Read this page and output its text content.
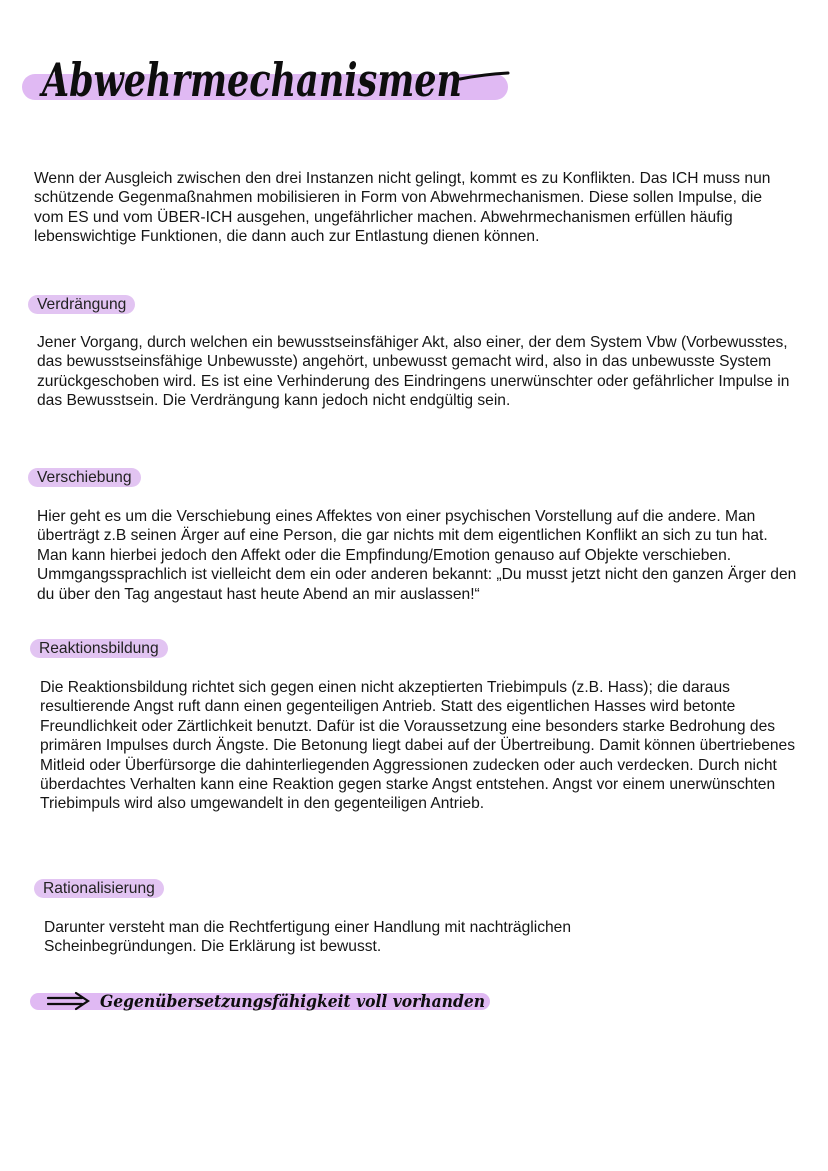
Abwehrmechanismen

Wenn der Ausgleich zwischen den drei Instanzen nicht gelingt, kommt es zu Konflikten. Das ICH muss nun schützende Gegenmaßnahmen mobilisieren in Form von Abwehrmechanismen. Diese sollen Impulse, die vom ES und vom ÜBER-ICH ausgehen, ungefährlicher machen. Abwehrmechanismen erfüllen häufig lebenswichtige Funktionen, die dann auch zur Entlastung dienen können.

Verdrängung

Jener Vorgang, durch welchen ein bewusstseinsfähiger Akt, also einer, der dem System Vbw (Vorbewusstes, das bewusstseinsfähige Unbewusste) angehört, unbewusst gemacht wird, also in das unbewusste System zurückgeschoben wird. Es ist eine Verhinderung des Eindringens unerwünschter oder gefährlicher Impulse in das Bewusstsein. Die Verdrängung kann jedoch nicht endgültig sein.

Verschiebung

Hier geht es um die Verschiebung eines Affektes von einer psychischen Vorstellung auf die andere. Man überträgt z.B seinen Ärger auf eine Person, die gar nichts mit dem eigentlichen Konflikt an sich zu tun hat. Man kann hierbei jedoch den Affekt oder die Empfindung/Emotion genauso auf Objekte verschieben. Ummgangssprachlich ist vielleicht dem ein oder anderen bekannt: „Du musst jetzt nicht den ganzen Ärger den du über den Tag angestaut hast heute Abend an mir auslassen!“

Reaktionsbildung

Die Reaktionsbildung richtet sich gegen einen nicht akzeptierten Triebimpuls (z.B. Hass); die daraus resultierende Angst ruft dann einen gegenteiligen Antrieb. Statt des eigentlichen Hasses wird betonte Freundlichkeit oder Zärtlichkeit benutzt. Dafür ist die Voraussetzung eine besonders starke Bedrohung des primären Impulses durch Ängste. Die Betonung liegt dabei auf der Übertreibung. Damit können übertriebenes Mitleid oder Überfürsorge die dahinterliegenden Aggressionen zudecken oder auch verdecken. Durch nicht überdachtes Verhalten kann eine Reaktion gegen starke Angst entstehen. Angst vor einem unerwünschten Triebimpuls wird also umgewandelt in den gegenteiligen Antrieb.

Rationalisierung

Darunter versteht man die Rechtfertigung einer Handlung mit nachträglichen Scheinbegründungen. Die Erklärung ist bewusst.

Gegenübersetzungsfähigkeit voll vorhanden
